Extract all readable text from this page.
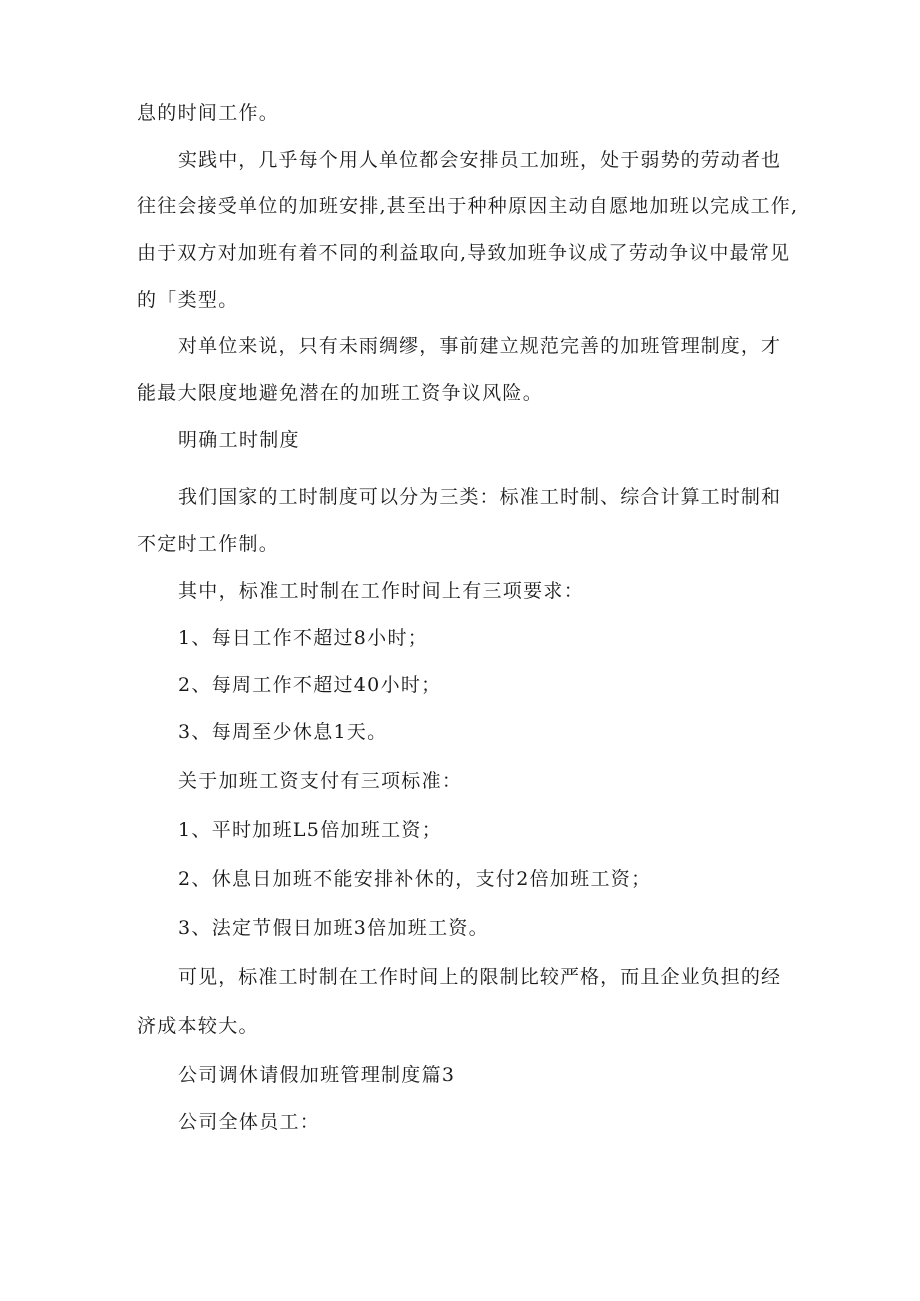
息的时间工作。

实践中，几乎每个用人单位都会安排员工加班，处于弱势的劳动者也

往往会接受单位的加班安排,甚至出于种种原因主动自愿地加班以完成工作,

由于双方对加班有着不同的利益取向,导致加班争议成了劳动争议中最常见

的「类型。

对单位来说，只有未雨绸缪，事前建立规范完善的加班管理制度，才

能最大限度地避免潜在的加班工资争议风险。

明确工时制度

我们国家的工时制度可以分为三类：标准工时制、综合计算工时制和

不定时工作制。

其中，标准工时制在工作时间上有三项要求：

1、每日工作不超过8小时；

2、每周工作不超过40小时；

3、每周至少休息1天。

关于加班工资支付有三项标准：

1、平时加班L5倍加班工资；

2、休息日加班不能安排补休的，支付2倍加班工资；

3、法定节假日加班3倍加班工资。

可见，标准工时制在工作时间上的限制比较严格，而且企业负担的经

济成本较大。

公司调休请假加班管理制度篇3

公司全体员工：
